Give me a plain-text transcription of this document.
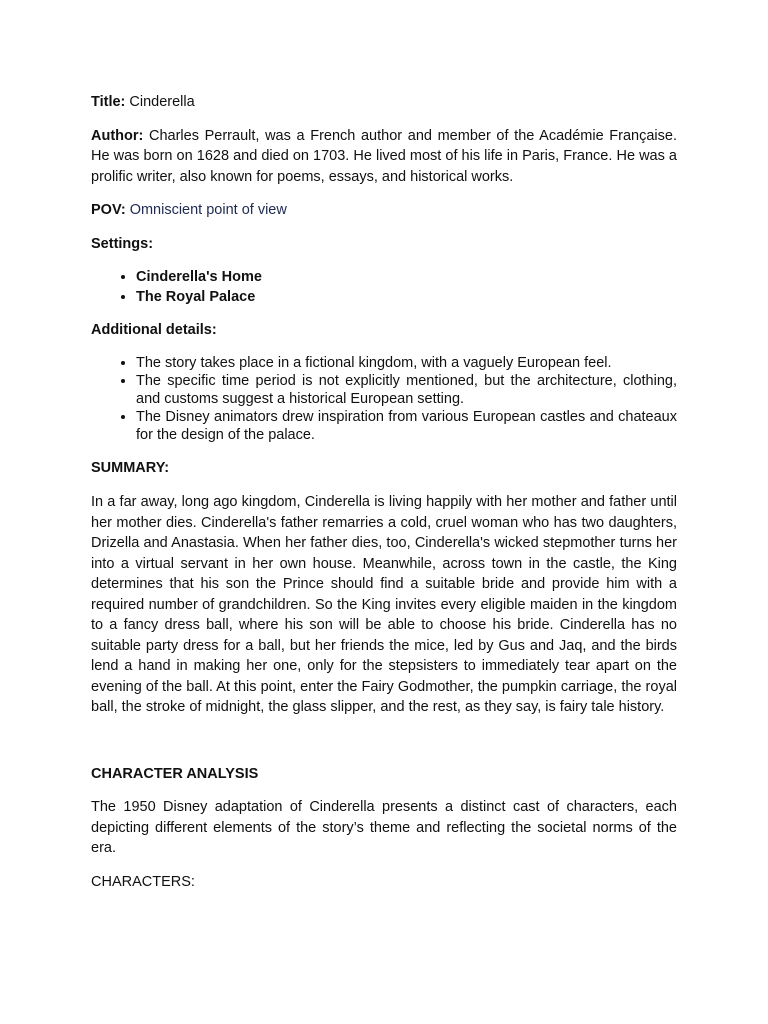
Title: Cinderella

Author: Charles Perrault, was a French author and member of the Académie Française. He was born on 1628 and died on 1703. He lived most of his life in Paris, France. He was a prolific writer, also known for poems, essays, and historical works.

POV: Omniscient point of view

Settings:

• Cinderella's Home
• The Royal Palace

Additional details:

• The story takes place in a fictional kingdom, with a vaguely European feel.
• The specific time period is not explicitly mentioned, but the architecture, clothing, and customs suggest a historical European setting.
• The Disney animators drew inspiration from various European castles and chateaux for the design of the palace.

SUMMARY:

In a far away, long ago kingdom, Cinderella is living happily with her mother and father until her mother dies. Cinderella's father remarries a cold, cruel woman who has two daughters, Drizella and Anastasia. When her father dies, too, Cinderella's wicked stepmother turns her into a virtual servant in her own house. Meanwhile, across town in the castle, the King determines that his son the Prince should find a suitable bride and provide him with a required number of grandchildren. So the King invites every eligible maiden in the kingdom to a fancy dress ball, where his son will be able to choose his bride. Cinderella has no suitable party dress for a ball, but her friends the mice, led by Gus and Jaq, and the birds lend a hand in making her one, only for the stepsisters to immediately tear apart on the evening of the ball. At this point, enter the Fairy Godmother, the pumpkin carriage, the royal ball, the stroke of midnight, the glass slipper, and the rest, as they say, is fairy tale history.

CHARACTER ANALYSIS

The 1950 Disney adaptation of Cinderella presents a distinct cast of characters, each depicting different elements of the story’s theme and reflecting the societal norms of the era.

CHARACTERS:
